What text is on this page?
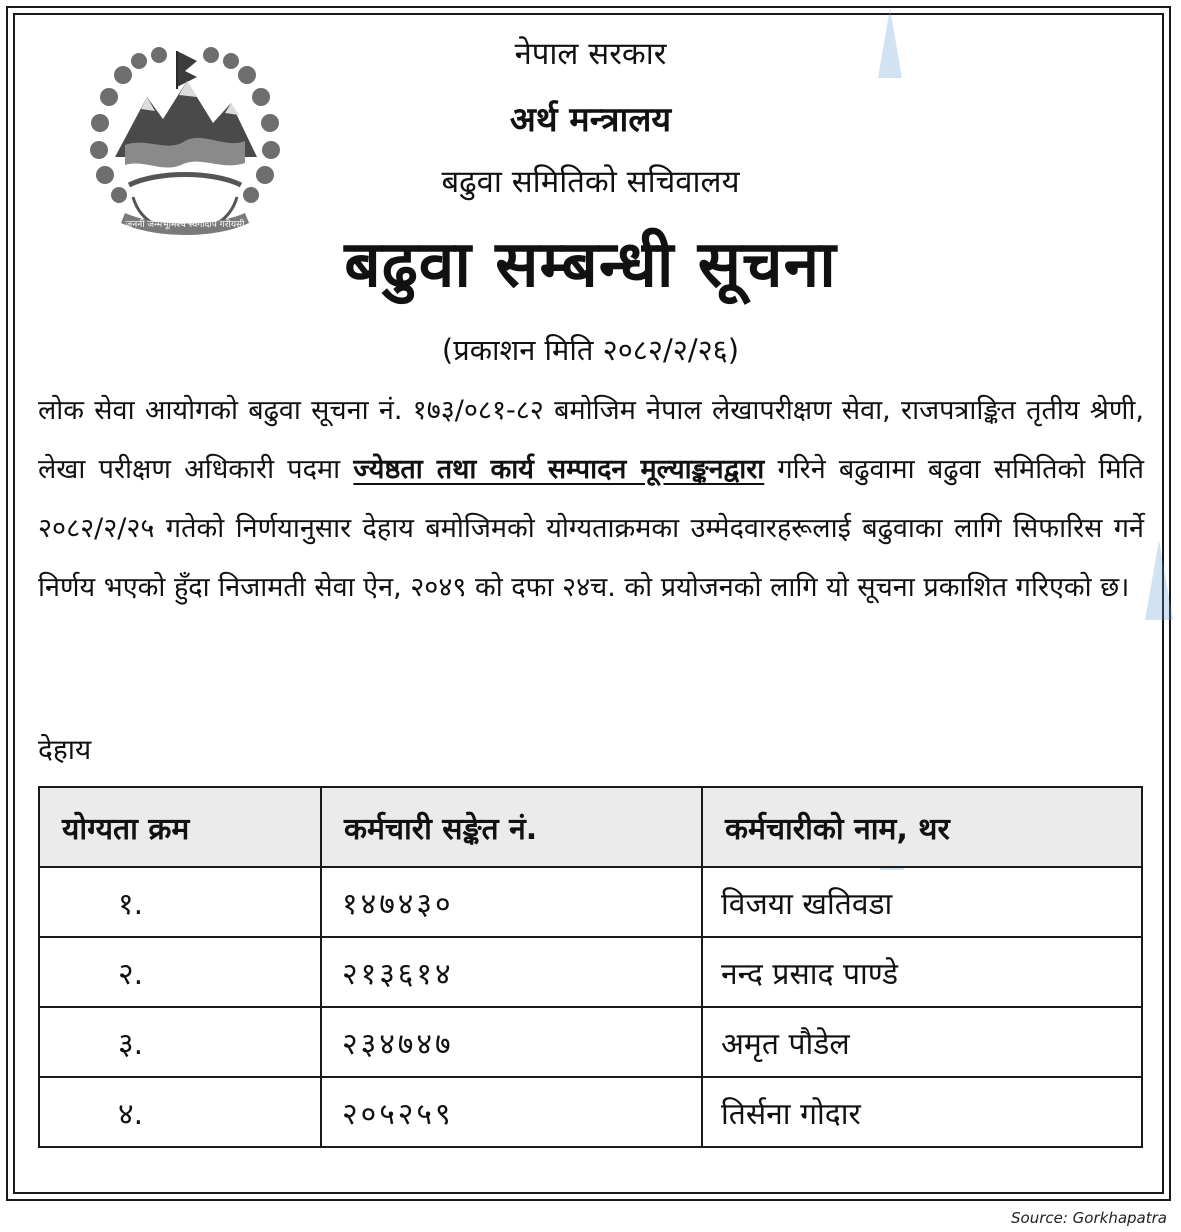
जननी जन्मभूमिश्च स्वर्गादपि गरीयसी
नेपाल सरकार
अर्थ मन्त्रालय
बढुवा समितिको सचिवालय
बढुवा सम्बन्धी सूचना
(प्रकाशन मिति २०८२/२/२६)
लोक सेवा आयोगको बढुवा सूचना नं. १७३/०८१-८२ बमोजिम नेपाल लेखापरीक्षण सेवा, राजपत्राङ्कित तृतीय श्रेणी, लेखा परीक्षण अधिकारी पदमा ज्येष्ठता तथा कार्य सम्पादन मूल्याङ्कनद्वारा गरिने बढुवामा बढुवा समितिको मिति २०८२/२/२५ गतेको निर्णयानुसार देहाय बमोजिमको योग्यताक्रमका उम्मेदवारहरूलाई बढुवाका लागि सिफारिस गर्ने निर्णय भएको हुँदा निजामती सेवा ऐन, २०४९ को दफा २४च. को प्रयोजनको लागि यो सूचना प्रकाशित गरिएको छ।
देहाय
योग्यता क्रम	कर्मचारी सङ्केत नं.	कर्मचारीको नाम, थर
१.	१४७४३०	विजया खतिवडा
२.	२१३६१४	नन्द प्रसाद पाण्डे
३.	२३४७४७	अमृत पौडेल
४.	२०५२५९	तिर्सना गोदार
Source: Gorkhapatra
